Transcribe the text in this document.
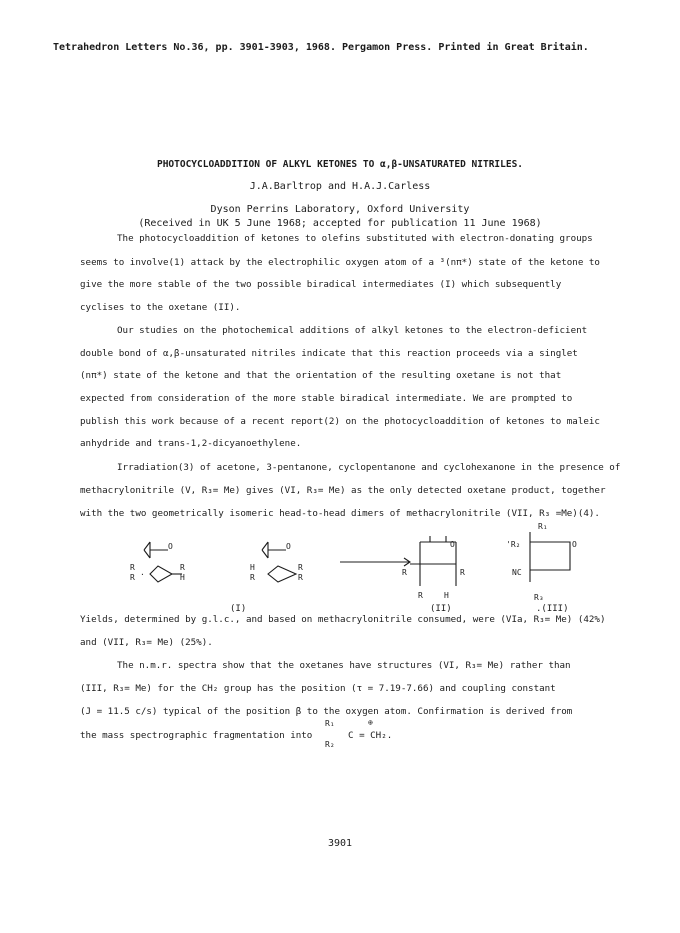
Tetrahedron Letters No.36, pp. 3901-3903, 1968. Pergamon Press. Printed in Great Britain.
PHOTOCYCLOADDITION OF ALKYL KETONES TO α,β-UNSATURATED NITRILES.
J.A.Barltrop and H.A.J.Carless
Dyson Perrins Laboratory, Oxford University
(Received in UK 5 June 1968; accepted for publication 11 June 1968)
The photocycloaddition of ketones to olefins substituted with electron-donating groups
seems to involve(1) attack by the electrophilic oxygen atom of a ³(nπ*) state of the ketone to
give the more stable of the two possible biradical intermediates (I) which subsequently
cyclises to the oxetane (II).
Our studies on the photochemical additions of alkyl ketones to the electron-deficient
double bond of α,β-unsaturated nitriles indicate that this reaction proceeds via a singlet
(nπ*) state of the ketone and that the orientation of the resulting oxetane is not that
expected from consideration of the more stable biradical intermediate. We are prompted to
publish this work because of a recent report(2) on the photocycloaddition of ketones to maleic
anhydride and trans-1,2-dicyanoethylene.
Irradiation(3) of acetone, 3-pentanone, cyclopentanone and cyclohexanone in the presence of
methacrylonitrile (V, R₃= Me) gives (VI, R₃= Me) as the only detected oxetane product, together
with the two geometrically isomeric head-to-head dimers of methacrylonitrile (VII, R₃ =Me)(4).
O
R
R
R
H
·
O
H
R
R
R
O
R	R
R	H
'R₂
R₁
O
NC
R₃
(I)	(II)	.(III)
Yields, determined by g.l.c., and based on methacrylonitrile consumed, were (VIa, R₃= Me) (42%)
and (VII, R₃= Me) (25%).
The n.m.r. spectra show that the oxetanes have structures (VI, R₃= Me) rather than
(III, R₃= Me) for the CH₂ group has the position (τ = 7.19-7.66) and coupling constant
(J = 11.5 c/s) typical of the position β to the oxygen atom. Confirmation is derived from
the mass spectrographic fragmentation into
R₁
R₂
⊕
C = CH₂.
3901
